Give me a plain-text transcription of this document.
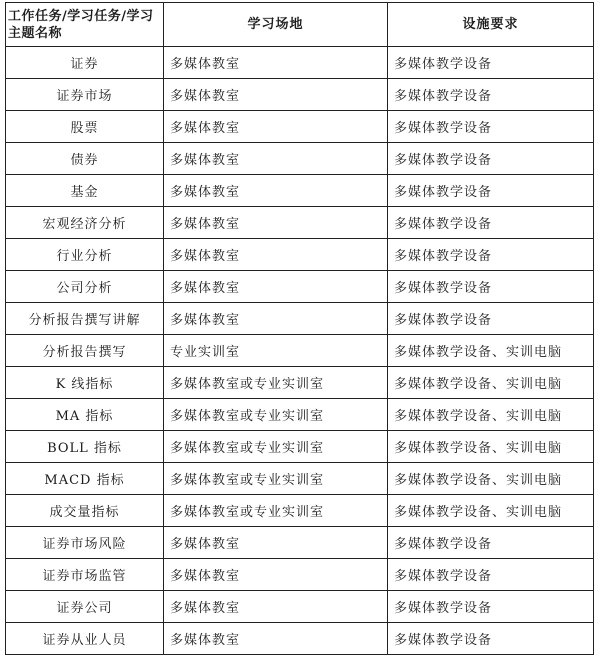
工作任务/学习任务/学习主题名称	学习场地	设施要求
证券	多媒体教室	多媒体教学设备
证券市场	多媒体教室	多媒体教学设备
股票	多媒体教室	多媒体教学设备
债券	多媒体教室	多媒体教学设备
基金	多媒体教室	多媒体教学设备
宏观经济分析	多媒体教室	多媒体教学设备
行业分析	多媒体教室	多媒体教学设备
公司分析	多媒体教室	多媒体教学设备
分析报告撰写讲解	多媒体教室	多媒体教学设备
分析报告撰写	专业实训室	多媒体教学设备、实训电脑
K 线指标	多媒体教室或专业实训室	多媒体教学设备、实训电脑
MA 指标	多媒体教室或专业实训室	多媒体教学设备、实训电脑
BOLL 指标	多媒体教室或专业实训室	多媒体教学设备、实训电脑
MACD 指标	多媒体教室或专业实训室	多媒体教学设备、实训电脑
成交量指标	多媒体教室或专业实训室	多媒体教学设备、实训电脑
证券市场风险	多媒体教室	多媒体教学设备
证券市场监管	多媒体教室	多媒体教学设备
证券公司	多媒体教室	多媒体教学设备
证券从业人员	多媒体教室	多媒体教学设备
